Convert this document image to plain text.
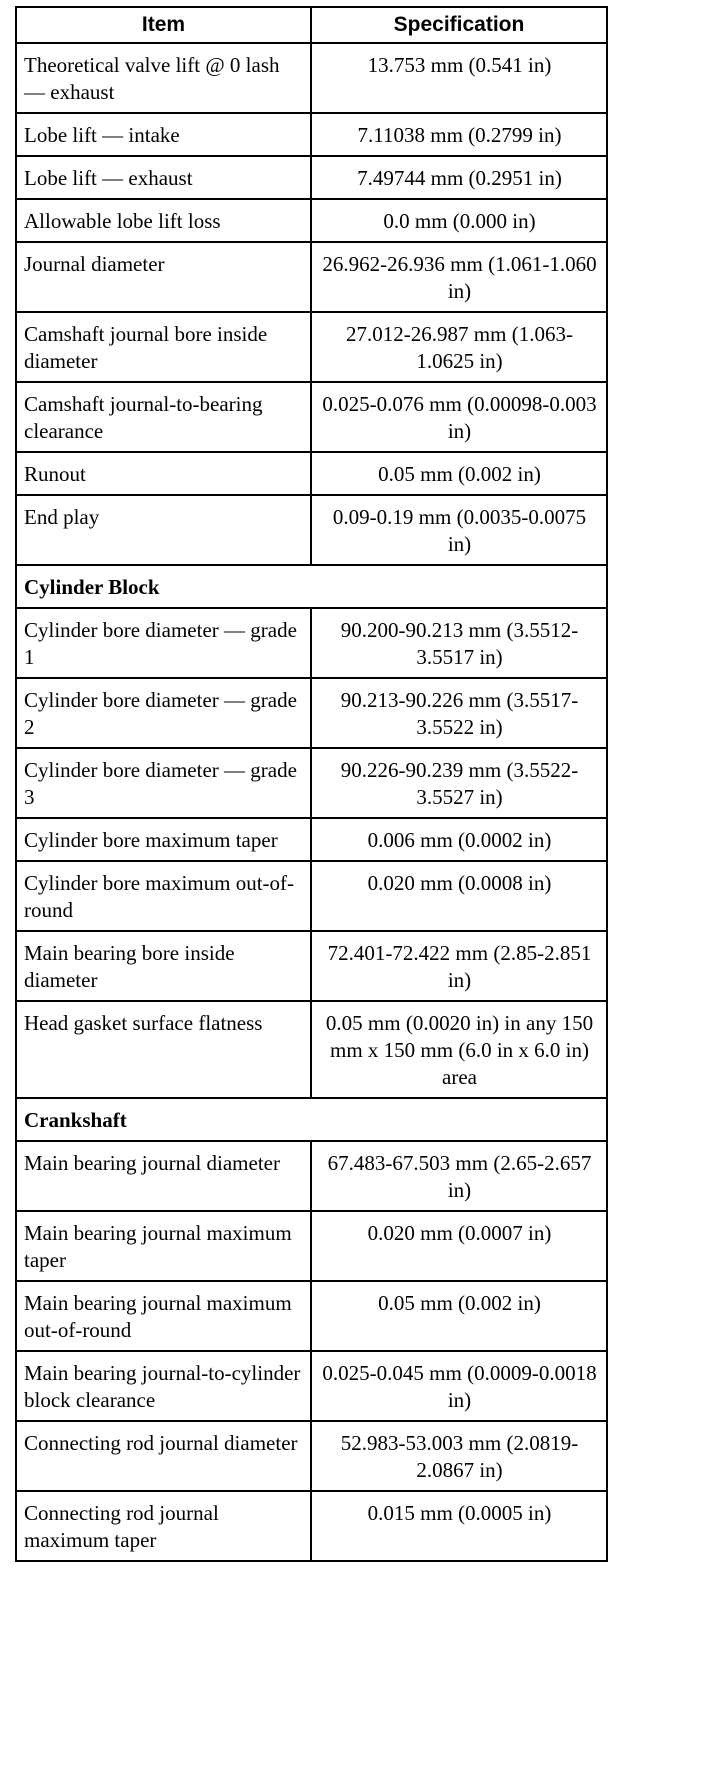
Item	Specification
Theoretical valve lift @ 0 lash — exhaust	13.753 mm (0.541 in)
Lobe lift — intake	7.11038 mm (0.2799 in)
Lobe lift — exhaust	7.49744 mm (0.2951 in)
Allowable lobe lift loss	0.0 mm (0.000 in)
Journal diameter	26.962-26.936 mm (1.061-1.060 in)
Camshaft journal bore inside diameter	27.012-26.987 mm (1.063-1.0625 in)
Camshaft journal-to-bearing clearance	0.025-0.076 mm (0.00098-0.003 in)
Runout	0.05 mm (0.002 in)
End play	0.09-0.19 mm (0.0035-0.0075 in)
Cylinder Block	
Cylinder bore diameter — grade 1	90.200-90.213 mm (3.5512-3.5517 in)
Cylinder bore diameter — grade 2	90.213-90.226 mm (3.5517-3.5522 in)
Cylinder bore diameter — grade 3	90.226-90.239 mm (3.5522-3.5527 in)
Cylinder bore maximum taper	0.006 mm (0.0002 in)
Cylinder bore maximum out-of-round	0.020 mm (0.0008 in)
Main bearing bore inside diameter	72.401-72.422 mm (2.85-2.851 in)
Head gasket surface flatness	0.05 mm (0.0020 in) in any 150 mm x 150 mm (6.0 in x 6.0 in) area
Crankshaft	
Main bearing journal diameter	67.483-67.503 mm (2.65-2.657 in)
Main bearing journal maximum taper	0.020 mm (0.0007 in)
Main bearing journal maximum out-of-round	0.05 mm (0.002 in)
Main bearing journal-to-cylinder block clearance	0.025-0.045 mm (0.0009-0.0018 in)
Connecting rod journal diameter	52.983-53.003 mm (2.0819-2.0867 in)
Connecting rod journal maximum taper	0.015 mm (0.0005 in)
